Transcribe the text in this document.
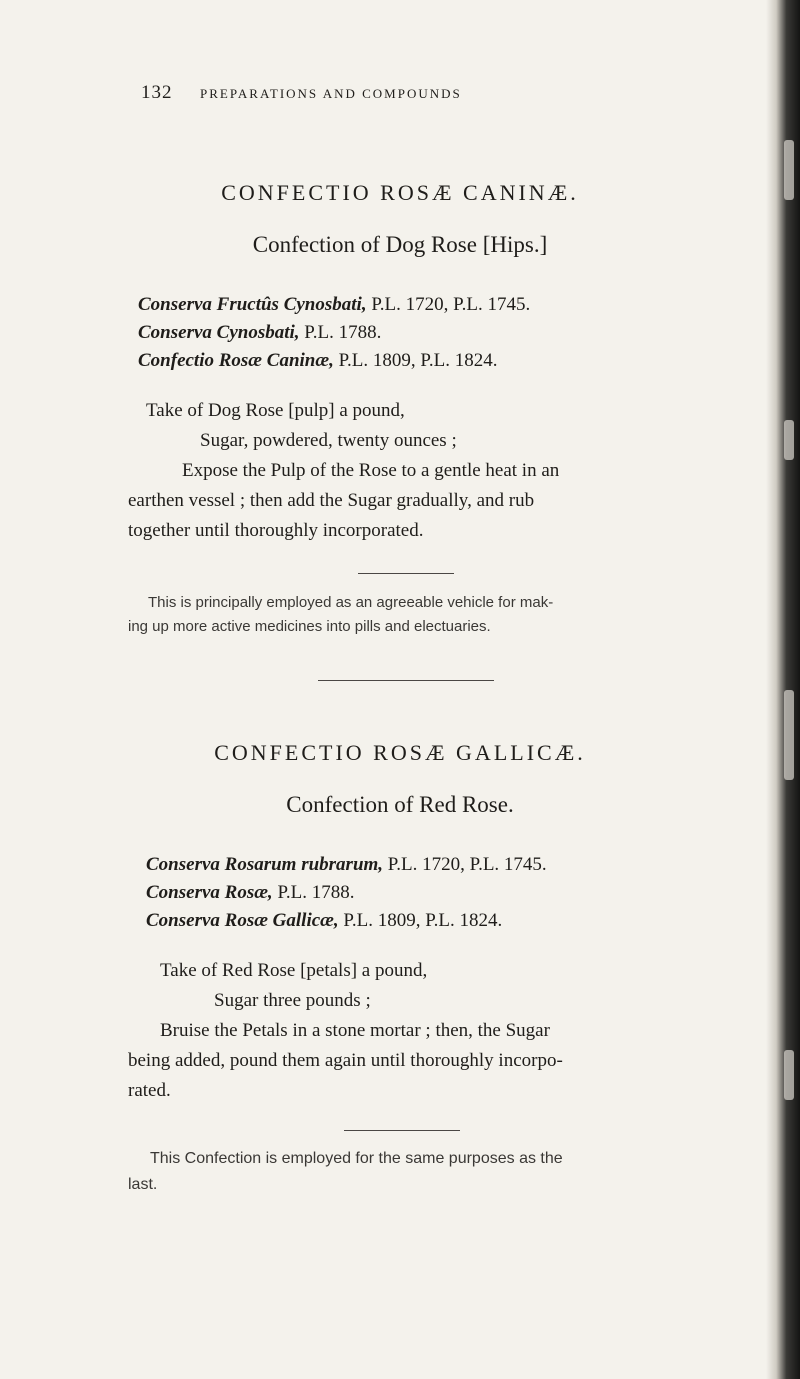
132 PREPARATIONS AND COMPOUNDS
CONFECTIO ROSÆ CANINÆ.
Confection of Dog Rose [Hips.]
Conserva Fructûs Cynosbati, P.L. 1720, P.L. 1745.
Conserva Cynosbati, P.L. 1788.
Confectio Rosæ Caninæ, P.L. 1809, P.L. 1824.
Take of Dog Rose [pulp] a pound,
Sugar, powdered, twenty ounces ;
Expose the Pulp of the Rose to a gentle heat in an
earthen vessel ; then add the Sugar gradually, and rub
together until thoroughly incorporated.
This is principally employed as an agreeable vehicle for mak-
ing up more active medicines into pills and electuaries.
CONFECTIO ROSÆ GALLICÆ.
Confection of Red Rose.
Conserva Rosarum rubrarum, P.L. 1720, P.L. 1745.
Conserva Rosæ, P.L. 1788.
Conserva Rosæ Gallicæ, P.L. 1809, P.L. 1824.
Take of Red Rose [petals] a pound,
Sugar three pounds ;
Bruise the Petals in a stone mortar ; then, the Sugar
being added, pound them again until thoroughly incorpo-
rated.
This Confection is employed for the same purposes as the
last.
